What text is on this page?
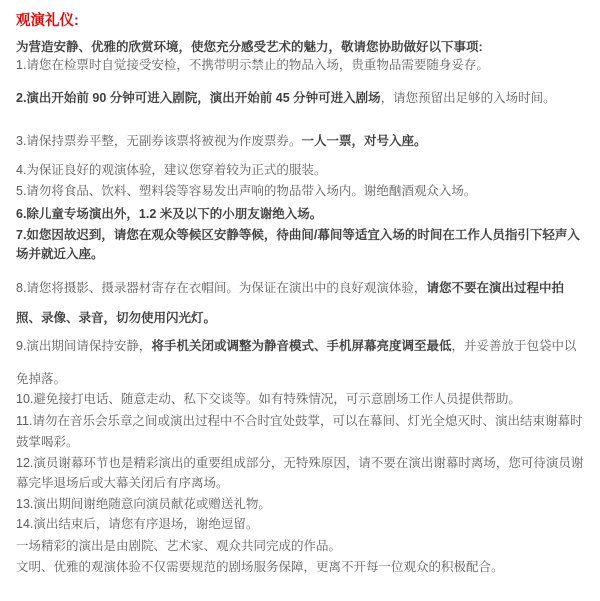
观演礼仪:

为营造安静、优雅的欣赏环境，使您充分感受艺术的魅力，敬请您协助做好以下事项:

1.请您在检票时自觉接受安检，不携带明示禁止的物品入场，贵重物品需要随身妥存。

2.演出开始前 90 分钟可进入剧院，演出开始前 45 分钟可进入剧场，请您预留出足够的入场时间。

3.请保持票券平整，无副券该票将被视为作废票券。一人一票，对号入座。

4.为保证良好的观演体验，建议您穿着较为正式的服装。

5.请勿将食品、饮料、塑料袋等容易发出声响的物品带入场内。谢绝酗酒观众入场。

6.除儿童专场演出外，1.2 米及以下的小朋友谢绝入场。

7.如您因故迟到，请您在观众等候区安静等候，待曲间/幕间等适宜入场的时间在工作人员指引下轻声入场并就近入座。

8.请您将摄影、摄录器材寄存在衣帽间。为保证在演出中的良好观演体验，请您不要在演出过程中拍照、录像、录音，切勿使用闪光灯。

9.演出期间请保持安静，将手机关闭或调整为静音模式、手机屏幕亮度调至最低，并妥善放于包袋中以免掉落。

10.避免接打电话、随意走动、私下交谈等。如有特殊情况，可示意剧场工作人员提供帮助。

11.请勿在音乐会乐章之间或演出过程中不合时宜处鼓掌，可以在幕间、灯光全熄灭时、演出结束谢幕时鼓掌喝彩。

12.演员谢幕环节也是精彩演出的重要组成部分，无特殊原因，请不要在演出谢幕时离场，您可待演员谢幕完毕退场后或大幕关闭后有序离场。

13.演出期间谢绝随意向演员献花或赠送礼物。

14.演出结束后，请您有序退场，谢绝逗留。

一场精彩的演出是由剧院、艺术家、观众共同完成的作品。

文明、优雅的观演体验不仅需要规范的剧场服务保障，更离不开每一位观众的积极配合。
